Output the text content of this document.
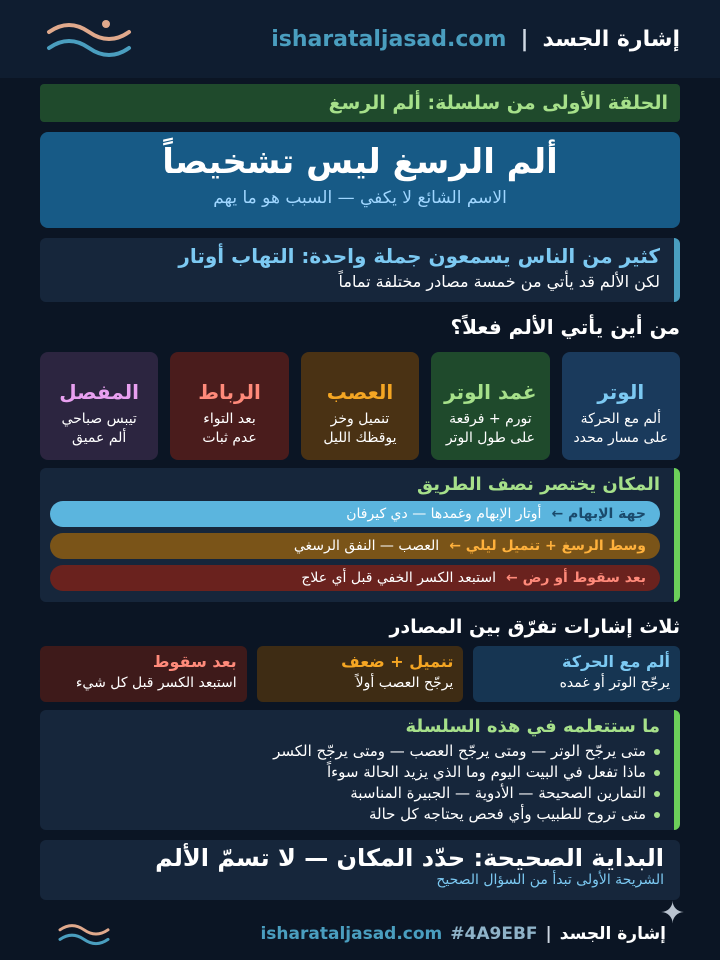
isharataljasad.com | إشارة الجسد
الحلقة الأولى من سلسلة: ألم الرسغ
ألم الرسغ ليس تشخيصاً
الاسم الشائع لا يكفي — السبب هو ما يهم
كثير من الناس يسمعون جملة واحدة: التهاب أوتار
لكن الألم قد يأتي من خمسة مصادر مختلفة تماماً
من أين يأتي الألم فعلاً؟
الوتر
ألم مع الحركة
على مسار محدد
غمد الوتر
تورم + فرقعة
على طول الوتر
العصب
تنميل وخز
يوقظك الليل
الرباط
بعد التواء
عدم ثبات
المفصل
تيبس صباحي
ألم عميق
المكان يختصر نصف الطريق
جهة الإبهام ←
أوتار الإبهام وغمدها — دي كيرفان
وسط الرسغ + تنميل ليلي ←
العصب — النفق الرسغي
بعد سقوط أو رض ←
استبعد الكسر الخفي قبل أي علاج
ثلاث إشارات تفرّق بين المصادر
ألم مع الحركة
يرجّح الوتر أو غمده
تنميل + ضعف
يرجّح العصب أولاً
بعد سقوط
استبعد الكسر قبل كل شيء
ما ستتعلمه في هذه السلسلة
متى يرجّح الوتر — ومتى يرجّح العصب — ومتى يرجّح الكسر
ماذا تفعل في البيت اليوم وما الذي يزيد الحالة سوءاً
التمارين الصحيحة — الأدوية — الجبيرة المناسبة
متى تروح للطبيب وأي فحص يحتاجه كل حالة
البداية الصحيحة: حدّد المكان — لا تسمّ الألم
الشريحة الأولى تبدأ من السؤال الصحيح
isharataljasad.com #4A9EBF | إشارة الجسد
✦
